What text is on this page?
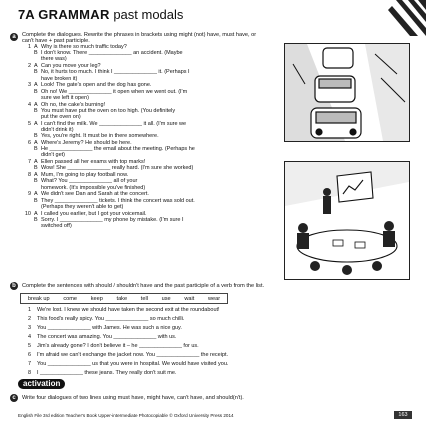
7A GRAMMAR past modals
a	Complete the dialogues. Rewrite the phrases in brackets using might (not) have, must have, or
can't have + past participle.
1 A Why is there so much traffic today?
B I don't know. There ______________ an accident. (Maybe
there was)
2 A Can you move your leg?
B No, it hurts too much. I think I ______________ it. (Perhaps I
have broken it)
3 A Look! The gate's open and the dog has gone.
B Oh no! We ______________ it open when we went out. (I'm
sure we left it open)
4 A Oh no, the cake's burning!
B You must have put the oven on too high. (You definitely
put the oven on)
5 A I can't find the milk. We ______________ it all. (I'm sure we
didn't drink it)
B Yes, you're right. It must be in there somewhere.
6 A Where's Jeremy? He should be here.
B He ______________ the email about the meeting. (Perhaps he
didn't get)
7 A Ellen passed all her exams with top marks!
B Wow! She ______________ really hard. (I'm sure she worked)
8 A Mum, I'm going to play football now.
B What? You ______________ all of your
homework. (It's impossible you've finished)
9 A We didn't see Dan and Sarah at the concert.
B They ______________ tickets. I think the concert was sold out.
(Perhaps they weren't able to get)
10 A I called you earlier, but I got your voicemail.
B Sorry. I ______________ my phone by mistake. (I'm sure I
switched off)
b	Complete the sentences with should / shouldn't have and the past participle of a verb from the list.
break up come keep take tell use wait wear
1	We're lost. I knew we should have taken the second exit at the roundabout!
2	This food's really spicy. You ______________ so much chilli.
3	You ______________ with James. He was such a nice guy.
4	The concert was amazing. You ______________ with us.
5	Jim's already gone? I don't believe it – he ______________ for us.
6	I'm afraid we can't exchange the jacket now. You ______________ the receipt.
7	You ______________ us that you were in hospital. We would have visited you.
8	I ______________ these jeans. They really don't suit me.
activation
c	Write four dialogues of two lines using must have, might have, can't have, and should(n't).
English File 3rd edition Teacher's Book Upper-intermediate Photocopiable © Oxford University Press 2014	163
